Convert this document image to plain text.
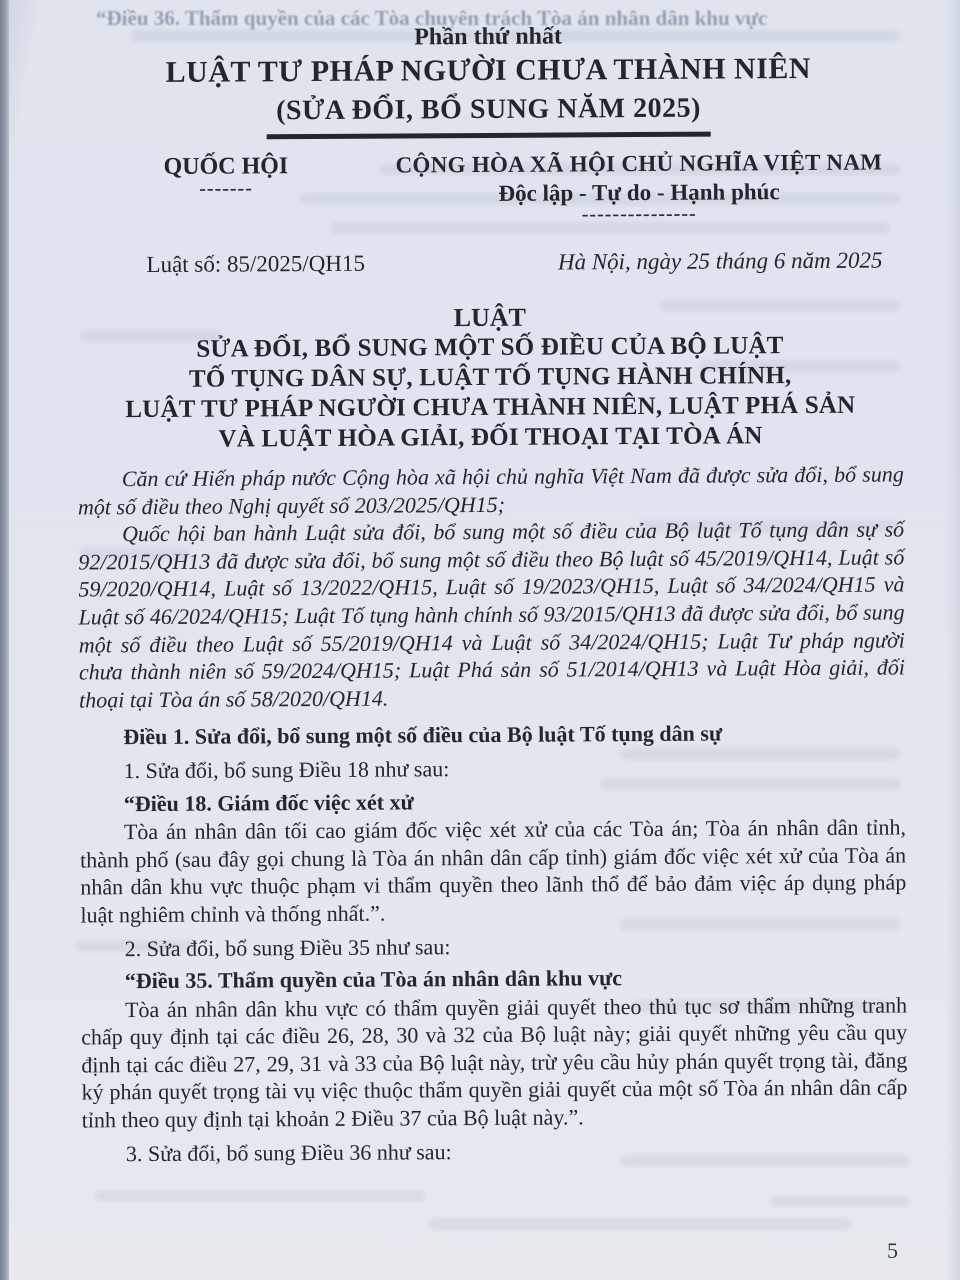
“Điều 36. Thẩm quyền của các Tòa chuyên trách Tòa án nhân dân khu vực
Phần thứ nhất
LUẬT TƯ PHÁP NGƯỜI CHƯA THÀNH NIÊN
(SỬA ĐỔI, BỔ SUNG NĂM 2025)
QUỐC HỘI
-------
CỘNG HÒA XÃ HỘI CHỦ NGHĨA VIỆT NAM
Độc lập - Tự do - Hạnh phúc
---------------
Luật số: 85/2025/QH15	Hà Nội, ngày 25 tháng 6 năm 2025
LUẬT
SỬA ĐỔI, BỔ SUNG MỘT SỐ ĐIỀU CỦA BỘ LUẬT
TỐ TỤNG DÂN SỰ, LUẬT TỐ TỤNG HÀNH CHÍNH,
LUẬT TƯ PHÁP NGƯỜI CHƯA THÀNH NIÊN, LUẬT PHÁ SẢN
VÀ LUẬT HÒA GIẢI, ĐỐI THOẠI TẠI TÒA ÁN

Căn cứ Hiến pháp nước Cộng hòa xã hội chủ nghĩa Việt Nam đã được sửa đổi, bổ sung một số điều theo Nghị quyết số 203/2025/QH15;

Quốc hội ban hành Luật sửa đổi, bổ sung một số điều của Bộ luật Tố tụng dân sự số 92/2015/QH13 đã được sửa đổi, bổ sung một số điều theo Bộ luật số 45/2019/QH14, Luật số 59/2020/QH14, Luật số 13/2022/QH15, Luật số 19/2023/QH15, Luật số 34/2024/QH15 và Luật số 46/2024/QH15; Luật Tố tụng hành chính số 93/2015/QH13 đã được sửa đổi, bổ sung một số điều theo Luật số 55/2019/QH14 và Luật số 34/2024/QH15; Luật Tư pháp người chưa thành niên số 59/2024/QH15; Luật Phá sản số 51/2014/QH13 và Luật Hòa giải, đối thoại tại Tòa án số 58/2020/QH14.

Điều 1. Sửa đổi, bổ sung một số điều của Bộ luật Tố tụng dân sự

1. Sửa đổi, bổ sung Điều 18 như sau:

“Điều 18. Giám đốc việc xét xử

Tòa án nhân dân tối cao giám đốc việc xét xử của các Tòa án; Tòa án nhân dân tỉnh, thành phố (sau đây gọi chung là Tòa án nhân dân cấp tỉnh) giám đốc việc xét xử của Tòa án nhân dân khu vực thuộc phạm vi thẩm quyền theo lãnh thổ để bảo đảm việc áp dụng pháp luật nghiêm chỉnh và thống nhất.”.

2. Sửa đổi, bổ sung Điều 35 như sau:

“Điều 35. Thẩm quyền của Tòa án nhân dân khu vực

Tòa án nhân dân khu vực có thẩm quyền giải quyết theo thủ tục sơ thẩm những tranh chấp quy định tại các điều 26, 28, 30 và 32 của Bộ luật này; giải quyết những yêu cầu quy định tại các điều 27, 29, 31 và 33 của Bộ luật này, trừ yêu cầu hủy phán quyết trọng tài, đăng ký phán quyết trọng tài vụ việc thuộc thẩm quyền giải quyết của một số Tòa án nhân dân cấp tỉnh theo quy định tại khoản 2 Điều 37 của Bộ luật này.”.

3. Sửa đổi, bổ sung Điều 36 như sau:

5
